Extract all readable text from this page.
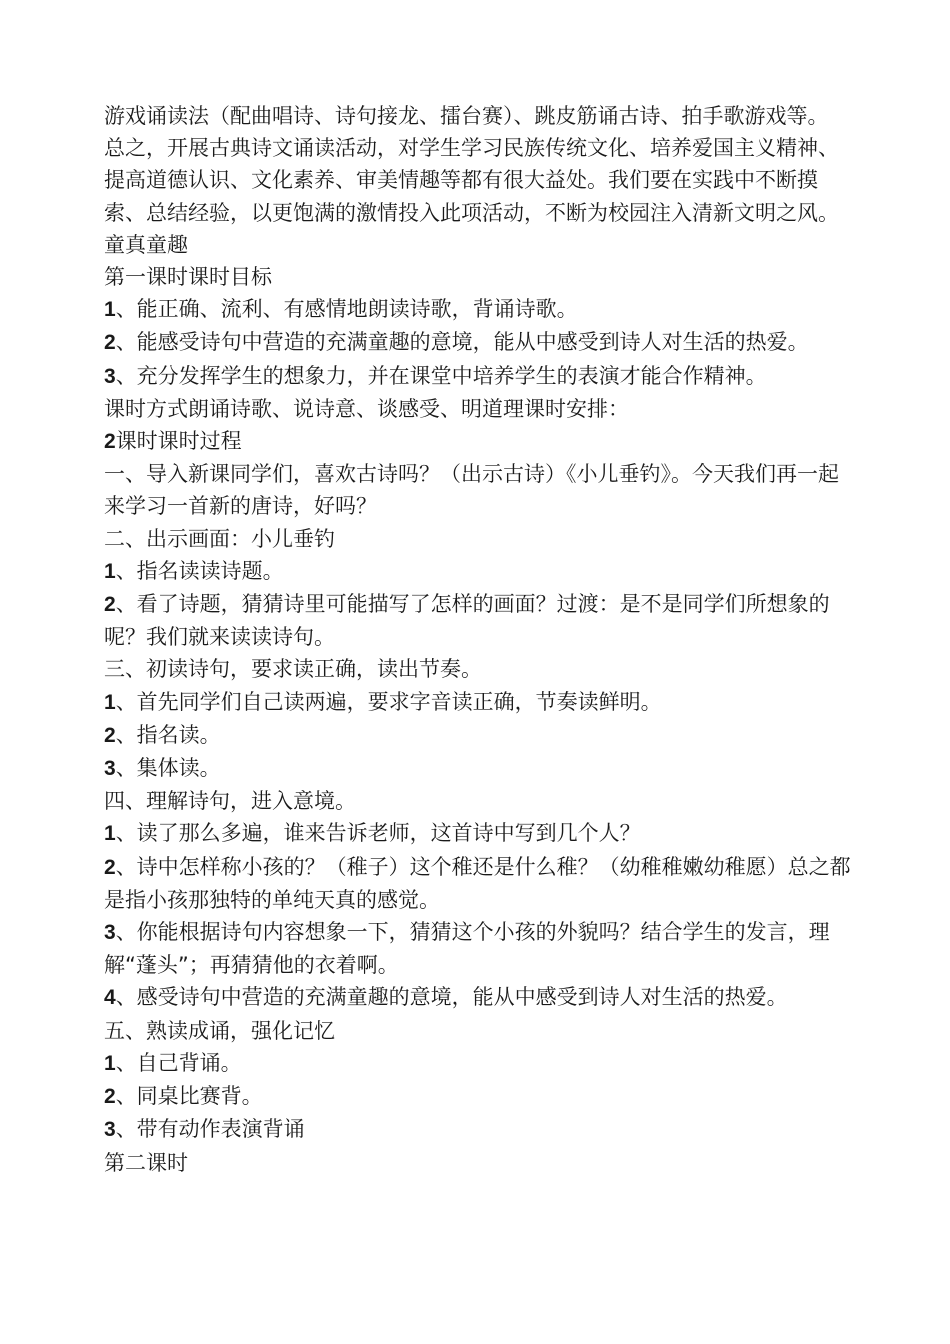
游戏诵读法（配曲唱诗、诗句接龙、擂台赛）、跳皮筋诵古诗、拍手歌游戏等。

总之，开展古典诗文诵读活动，对学生学习民族传统文化、培养爱国主义精神、提高道德认识、文化素养、审美情趣等都有很大益处。我们要在实践中不断摸索、总结经验，以更饱满的激情投入此项活动，不断为校园注入清新文明之风。

童真童趣

第一课时课时目标

1、能正确、流利、有感情地朗读诗歌，背诵诗歌。

2、能感受诗句中营造的充满童趣的意境，能从中感受到诗人对生活的热爱。

3、充分发挥学生的想象力，并在课堂中培养学生的表演才能合作精神。

课时方式朗诵诗歌、说诗意、谈感受、明道理课时安排：

2课时课时过程

一、导入新课同学们，喜欢古诗吗？（出示古诗）《小儿垂钓》。今天我们再一起来学习一首新的唐诗，好吗？

二、出示画面：小儿垂钓

1、指名读读诗题。

2、看了诗题，猜猜诗里可能描写了怎样的画面？过渡：是不是同学们所想象的呢？我们就来读读诗句。

三、初读诗句，要求读正确，读出节奏。

1、首先同学们自己读两遍，要求字音读正确，节奏读鲜明。

2、指名读。

3、集体读。

四、理解诗句，进入意境。

1、读了那么多遍，谁来告诉老师，这首诗中写到几个人？

2、诗中怎样称小孩的？（稚子）这个稚还是什么稚？（幼稚稚嫩幼稚愿）总之都是指小孩那独特的单纯天真的感觉。

3、你能根据诗句内容想象一下，猜猜这个小孩的外貌吗？结合学生的发言，理解“蓬头”；再猜猜他的衣着啊。

4、感受诗句中营造的充满童趣的意境，能从中感受到诗人对生活的热爱。

五、熟读成诵，强化记忆

1、自己背诵。

2、同桌比赛背。

3、带有动作表演背诵

第二课时
